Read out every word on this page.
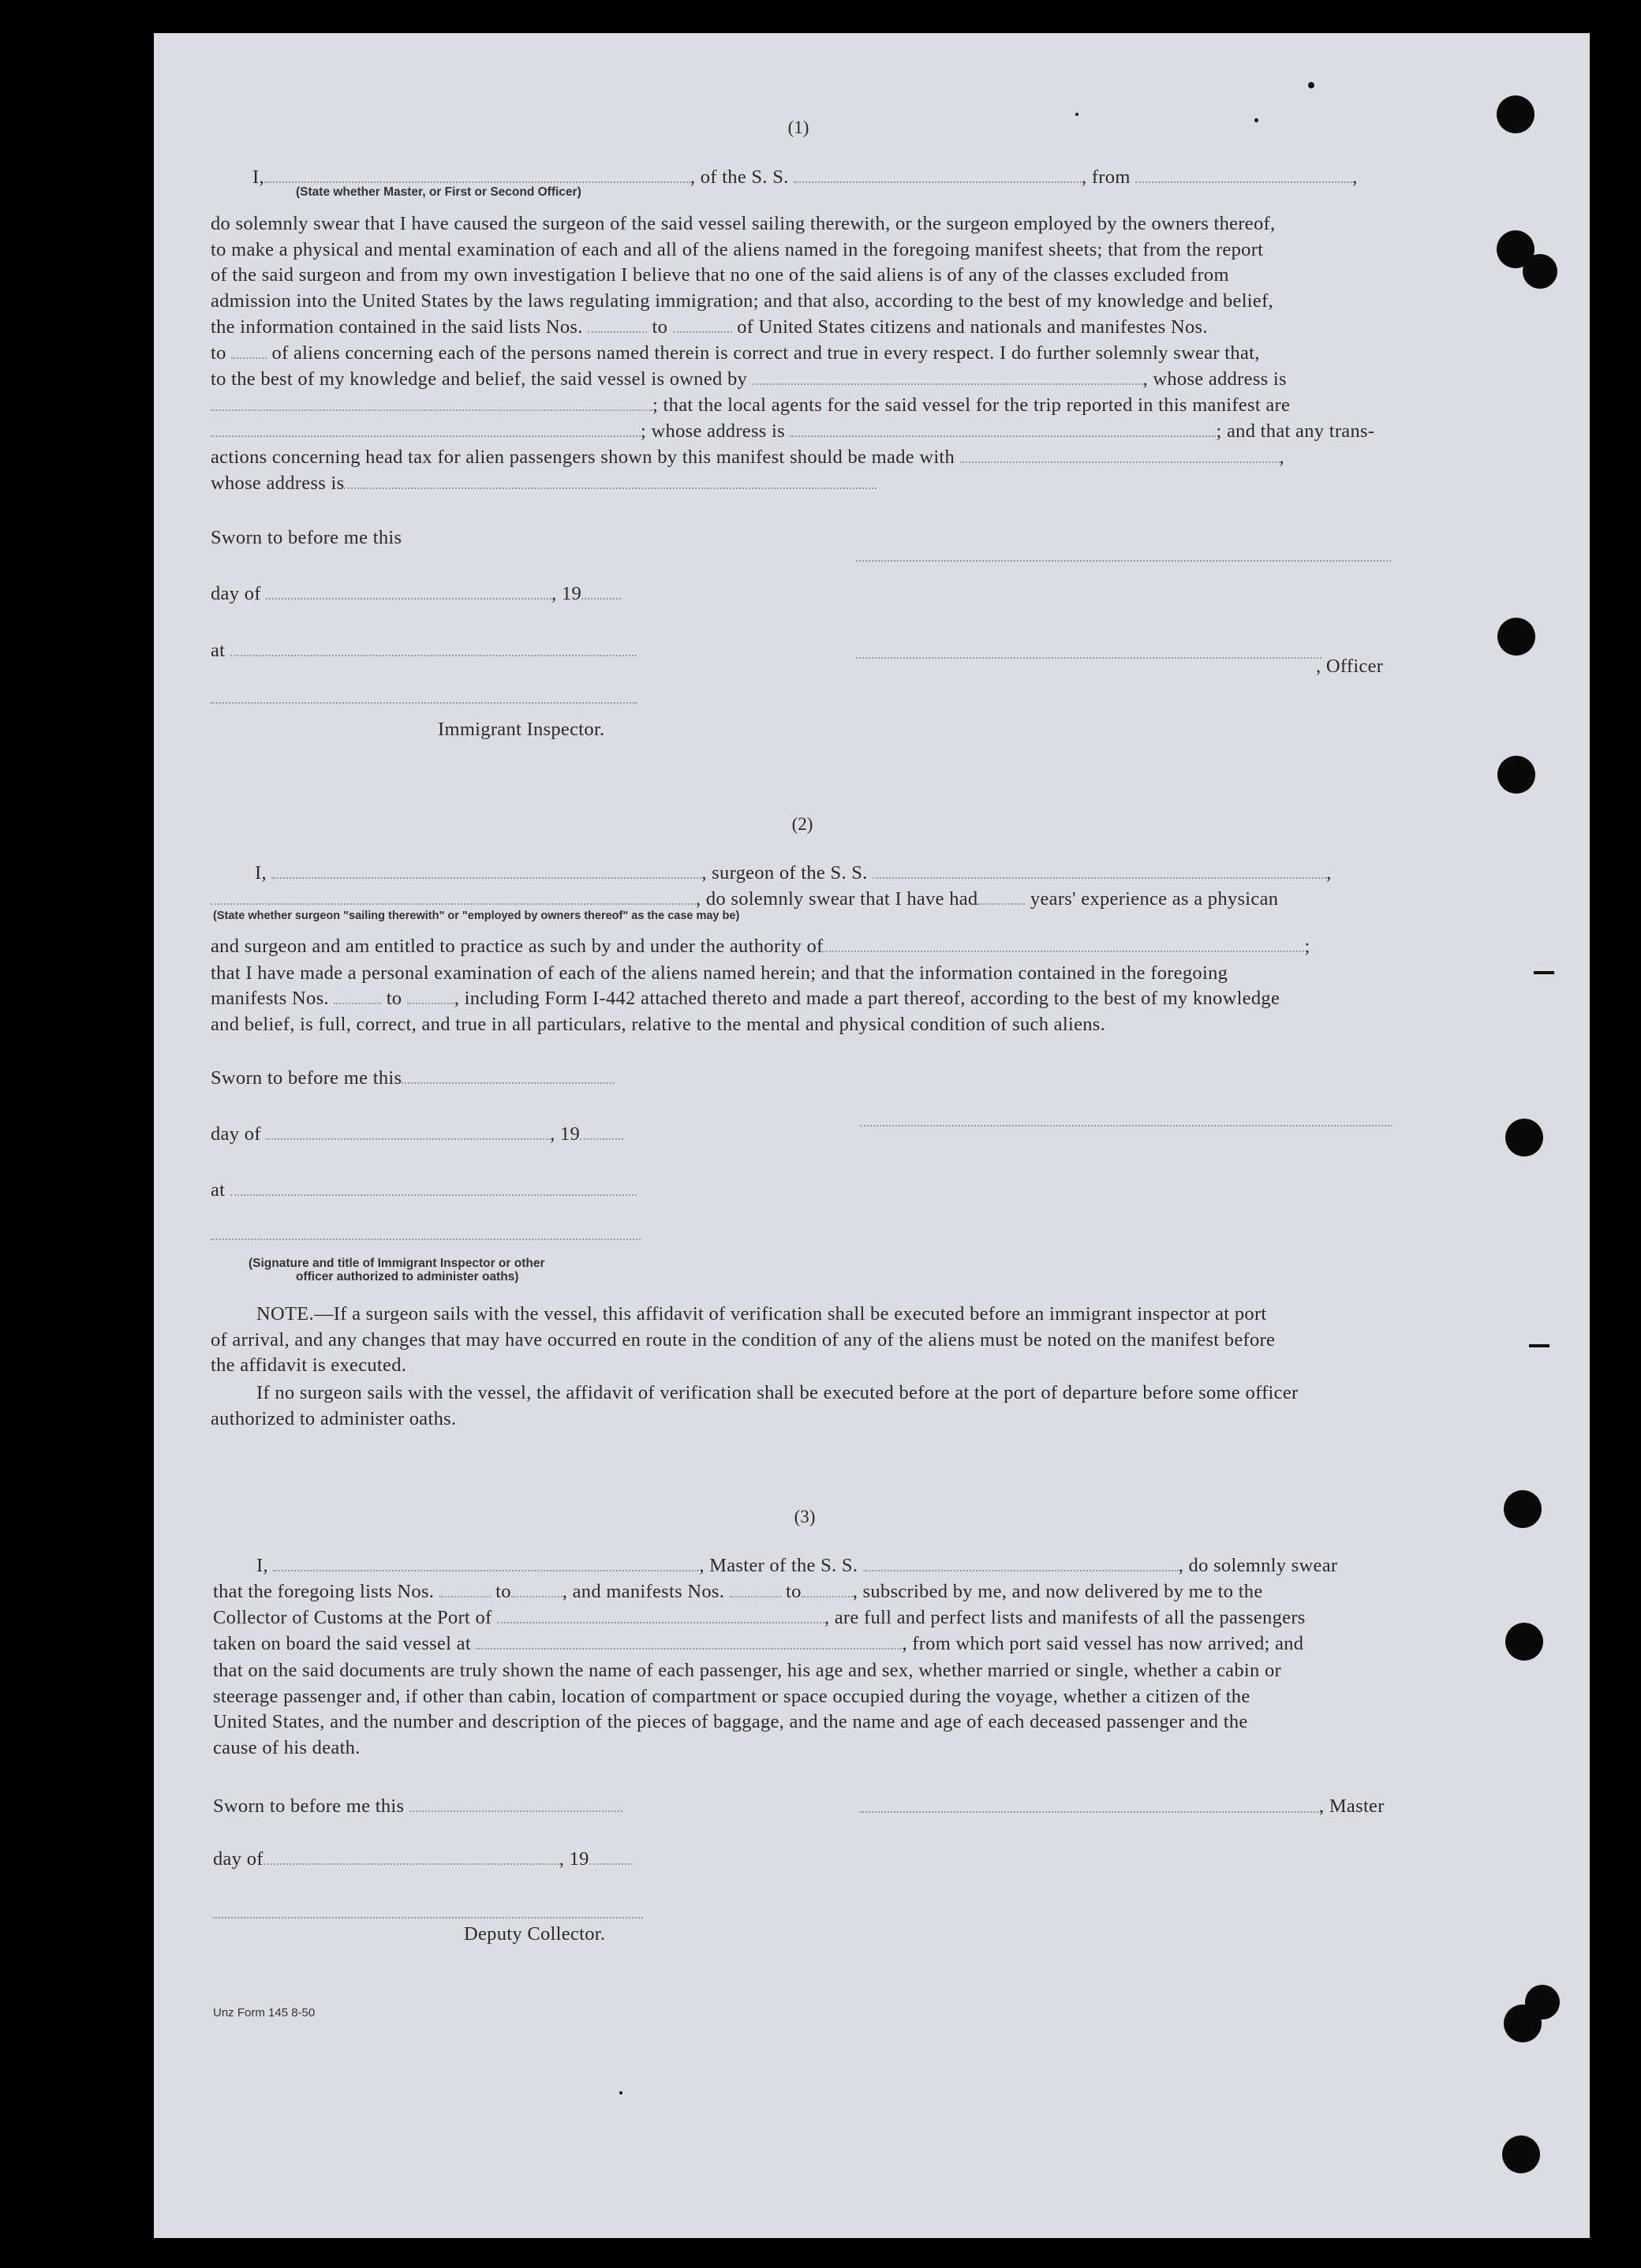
(1)
I,	, of the S. S.	, from	,
(State whether Master, or First or Second Officer)
do solemnly swear that I have caused the surgeon of the said vessel sailing therewith, or the surgeon employed by the owners thereof,
to make a physical and mental examination of each and all of the aliens named in the foregoing manifest sheets; that from the report
of the said surgeon and from my own investigation I believe that no one of the said aliens is of any of the classes excluded from
admission into the United States by the laws regulating immigration; and that also, according to the best of my knowledge and belief,
the information contained in the said lists Nos.	to	of United States citizens and nationals and manifestes Nos.
to of aliens concerning each of the persons named therein is correct and true in every respect. I do further solemnly swear that,
to the best of my knowledge and belief, the said vessel is owned by	, whose address is
; that the local agents for the said vessel for the trip reported in this manifest are
; whose address is	; and that any trans-
actions concerning head tax for alien passengers shown by this manifest should be made with	,
whose address is
Sworn to before me this
day of	, 19
at
, Officer
Immigrant Inspector.
(2)
I,	, surgeon of the S. S.	,
, do solemnly swear that I have had	years' experience as a physican
(State whether surgeon "sailing therewith" or "employed by owners thereof" as the case may be)
and surgeon and am entitled to practice as such by and under the authority of	;
that I have made a personal examination of each of the aliens named herein; and that the information contained in the foregoing
manifests Nos.	to	, including Form I-442 attached thereto and made a part thereof, according to the best of my knowledge
and belief, is full, correct, and true in all particulars, relative to the mental and physical condition of such aliens.
Sworn to before me this
day of	, 19
at
(Signature and title of Immigrant Inspector or other
officer authorized to administer oaths)
NOTE.—If a surgeon sails with the vessel, this affidavit of verification shall be executed before an immigrant inspector at port
of arrival, and any changes that may have occurred en route in the condition of any of the aliens must be noted on the manifest before
the affidavit is executed.
If no surgeon sails with the vessel, the affidavit of verification shall be executed before at the port of departure before some officer
authorized to administer oaths.
(3)
I,	, Master of the S. S.	, do solemnly swear
that the foregoing lists Nos.	to	, and manifests Nos.	to	, subscribed by me, and now delivered by me to the
Collector of Customs at the Port of	, are full and perfect lists and manifests of all the passengers
taken on board the said vessel at	, from which port said vessel has now arrived; and
that on the said documents are truly shown the name of each passenger, his age and sex, whether married or single, whether a cabin or
steerage passenger and, if other than cabin, location of compartment or space occupied during the voyage, whether a citizen of the
United States, and the number and description of the pieces of baggage, and the name and age of each deceased passenger and the
cause of his death.
Sworn to before me this	, Master
day of	, 19
Deputy Collector.
Unz Form 145 8-50
